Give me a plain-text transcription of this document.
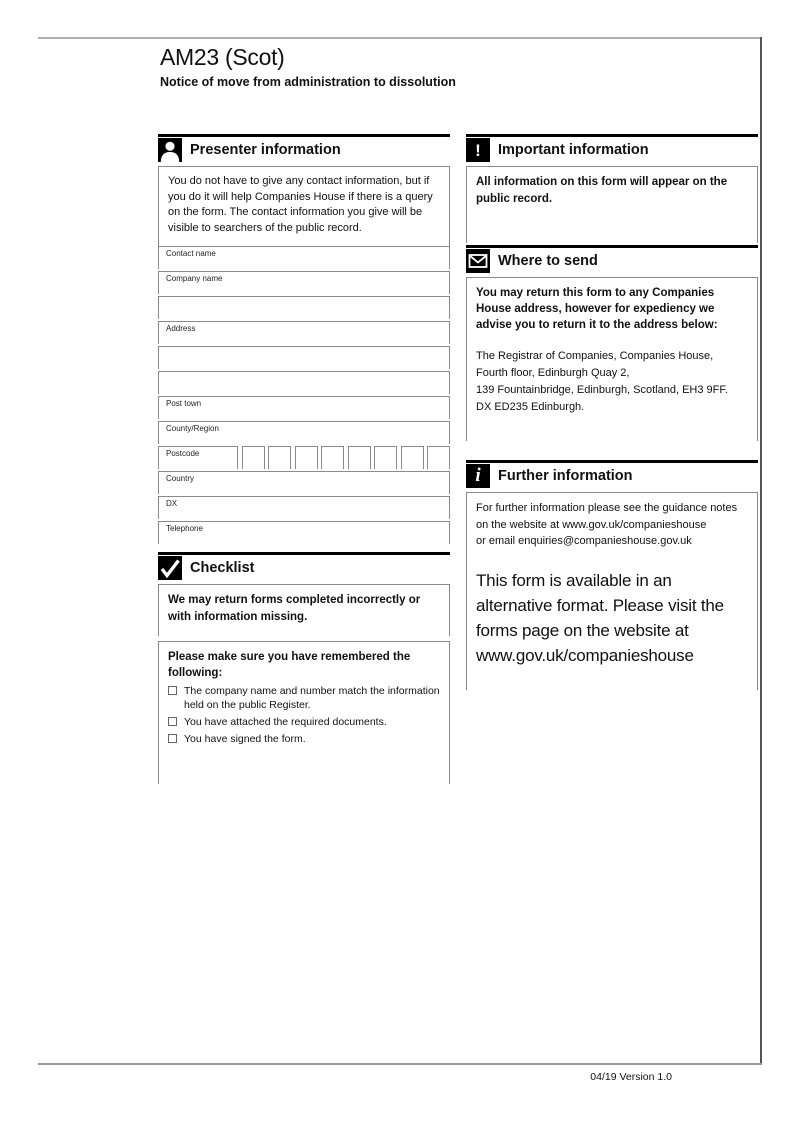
AM23 (Scot)
Notice of move from administration to dissolution
Presenter information
You do not have to give any contact information, but if you do it will help Companies House if there is a query on the form. The contact information you give will be visible to searchers of the public record.
Contact name
Company name
Address
Post town
County/Region
Postcode
Country
DX
Telephone
Checklist
We may return forms completed incorrectly or with information missing.
Please make sure you have remembered the following:
The company name and number match the information held on the public Register.
You have attached the required documents.
You have signed the form.
! Important information
All information on this form will appear on the public record.
Where to send
You may return this form to any Companies House address, however for expediency we advise you to return it to the address below:
The Registrar of Companies, Companies House,
Fourth floor, Edinburgh Quay 2,
139 Fountainbridge, Edinburgh, Scotland, EH3 9FF.
DX ED235 Edinburgh.
i Further information
For further information please see the guidance notes
on the website at www.gov.uk/companieshouse
or email enquiries@companieshouse.gov.uk
This form is available in an alternative format. Please visit the forms page on the website at www.gov.uk/companieshouse
04/19 Version 1.0
